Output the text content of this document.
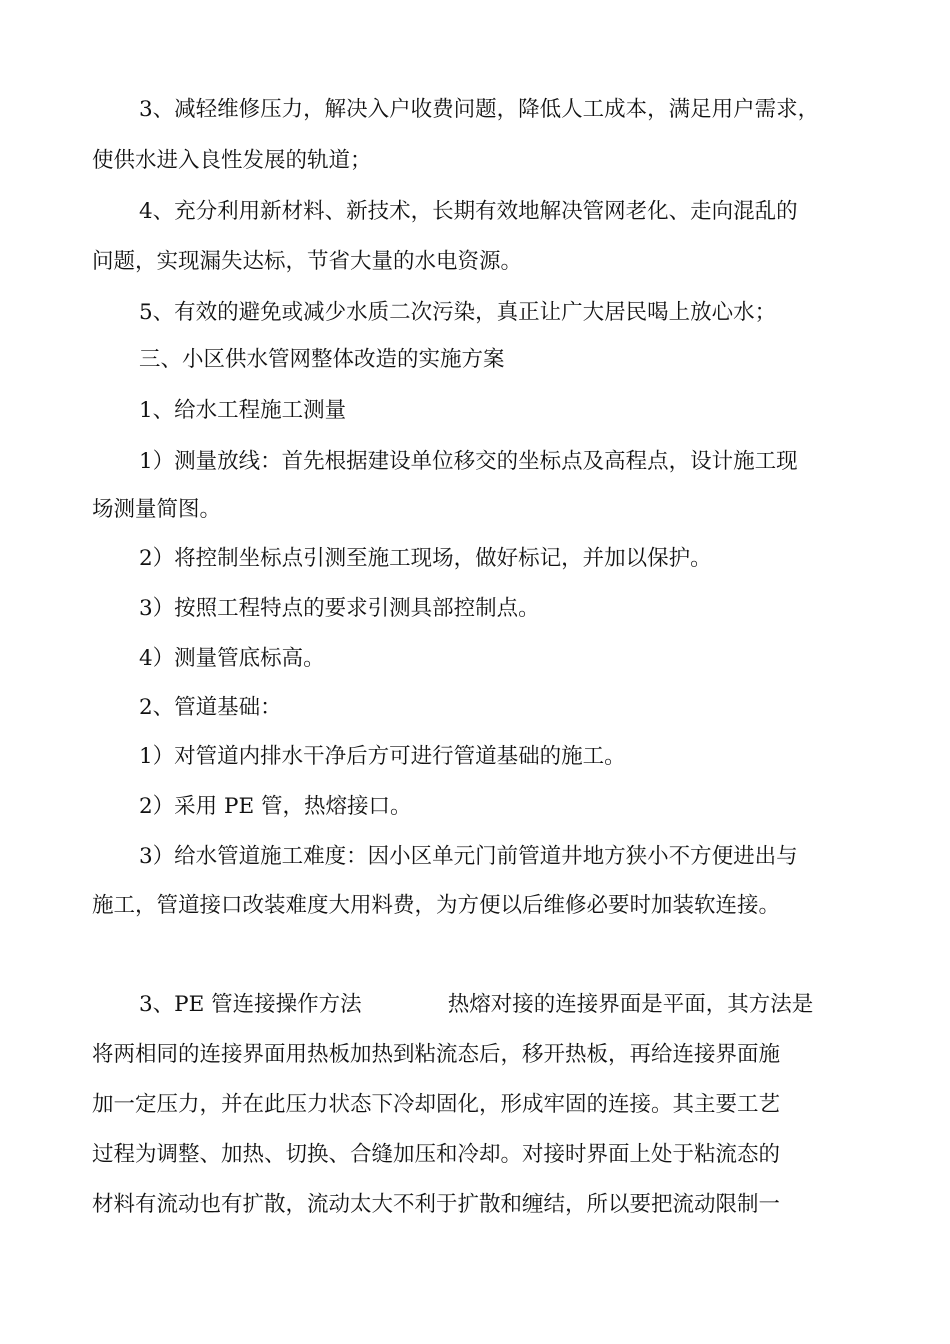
3、减轻维修压力，解决入户收费问题，降低人工成本，满足用户需求，
使供水进入良性发展的轨道；
4、充分利用新材料、新技术，长期有效地解决管网老化、走向混乱的
问题，实现漏失达标，节省大量的水电资源。
5、有效的避免或减少水质二次污染，真正让广大居民喝上放心水；
三、小区供水管网整体改造的实施方案
1、给水工程施工测量
1）测量放线：首先根据建设单位移交的坐标点及高程点，设计施工现
场测量简图。
2）将控制坐标点引测至施工现场，做好标记，并加以保护。
3）按照工程特点的要求引测具部控制点。
4）测量管底标高。
2、管道基础：
1）对管道内排水干净后方可进行管道基础的施工。
2）采用 PE 管，热熔接口。
3）给水管道施工难度：因小区单元门前管道井地方狭小不方便进出与
施工，管道接口改装难度大用料费，为方便以后维修必要时加装软连接。
3、PE 管连接操作方法	热熔对接的连接界面是平面，其方法是
将两相同的连接界面用热板加热到粘流态后，移开热板，再给连接界面施
加一定压力，并在此压力状态下冷却固化，形成牢固的连接。其主要工艺
过程为调整、加热、切换、合缝加压和冷却。对接时界面上处于粘流态的
材料有流动也有扩散，流动太大不利于扩散和缠结，所以要把流动限制一
